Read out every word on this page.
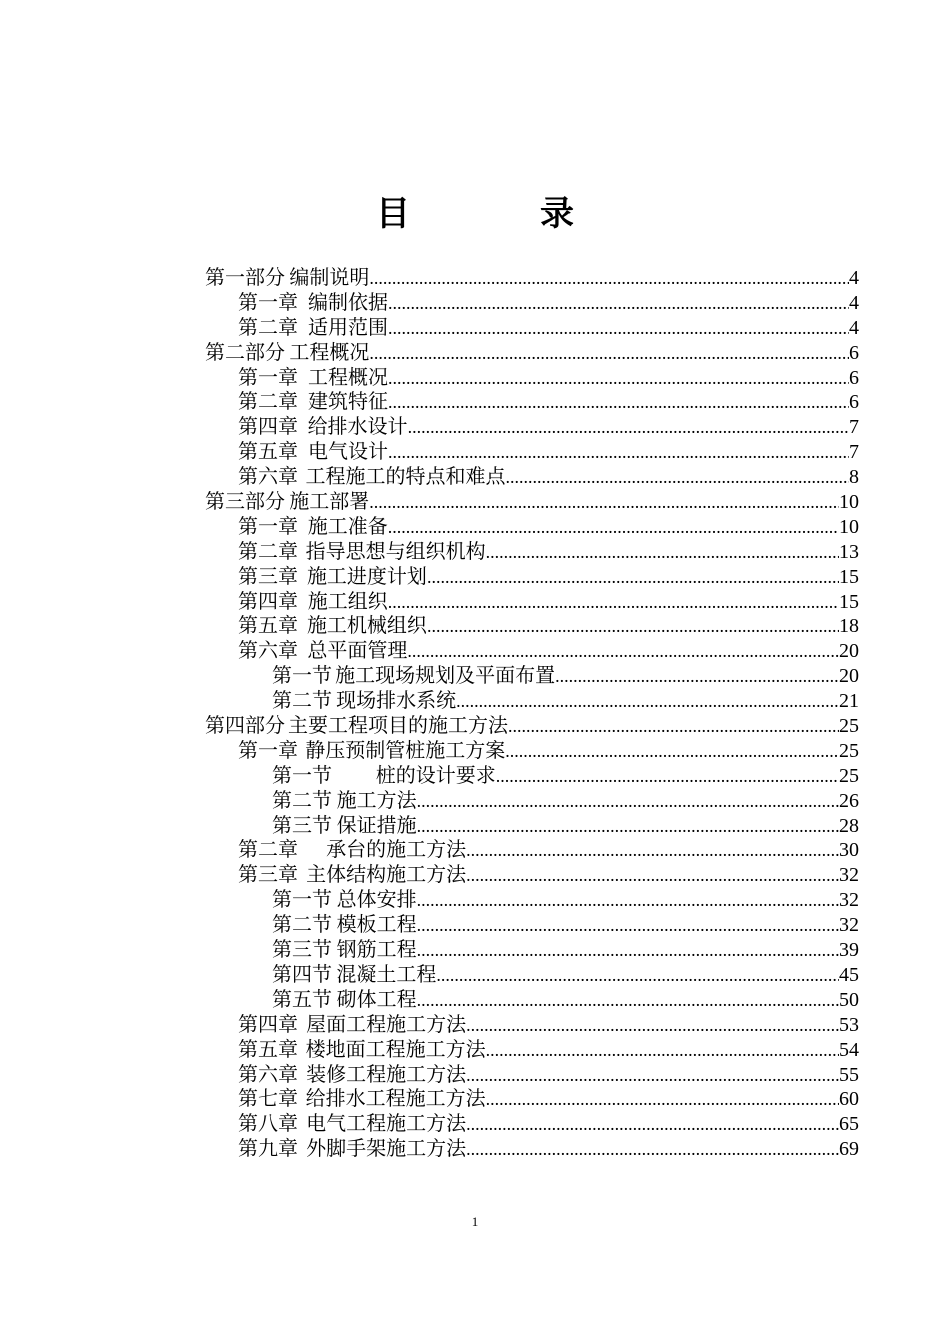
目　录
第一部分 编制说明 .....	4
第一章 编制依据 .....	4
第二章 适用范围 .....	4
第二部分 工程概况 .....	6
第一章 工程概况 .....	6
第二章 建筑特征 .....	6
第四章 给排水设计 .....	7
第五章 电气设计 .....	7
第六章 工程施工的特点和难点 .....	8
第三部分 施工部署 .....	10
第一章 施工准备 .....	10
第二章 指导思想与组织机构 .....	13
第三章 施工进度计划 .....	15
第四章 施工组织 .....	15
第五章 施工机械组织 .....	18
第六章 总平面管理 .....	20
第一节 施工现场规划及平面布置 .....	20
第二节 现场排水系统 .....	21
第四部分 主要工程项目的施工方法 .....	25
第一章 静压预制管桩施工方案 .....	25
第一节 　　桩的设计要求 .....	25
第二节 施工方法 .....	26
第三节 保证措施 .....	28
第二章 　承台的施工方法 .....	30
第三章 主体结构施工方法 .....	32
第一节 总体安排 .....	32
第二节 模板工程 .....	32
第三节 钢筋工程 .....	39
第四节 混凝土工程 .....	45
第五节 砌体工程 .....	50
第四章 屋面工程施工方法 .....	53
第五章 楼地面工程施工方法 .....	54
第六章 装修工程施工方法 .....	55
第七章 给排水工程施工方法 .....	60
第八章 电气工程施工方法 .....	65
第九章 外脚手架施工方法 .....	69
1
